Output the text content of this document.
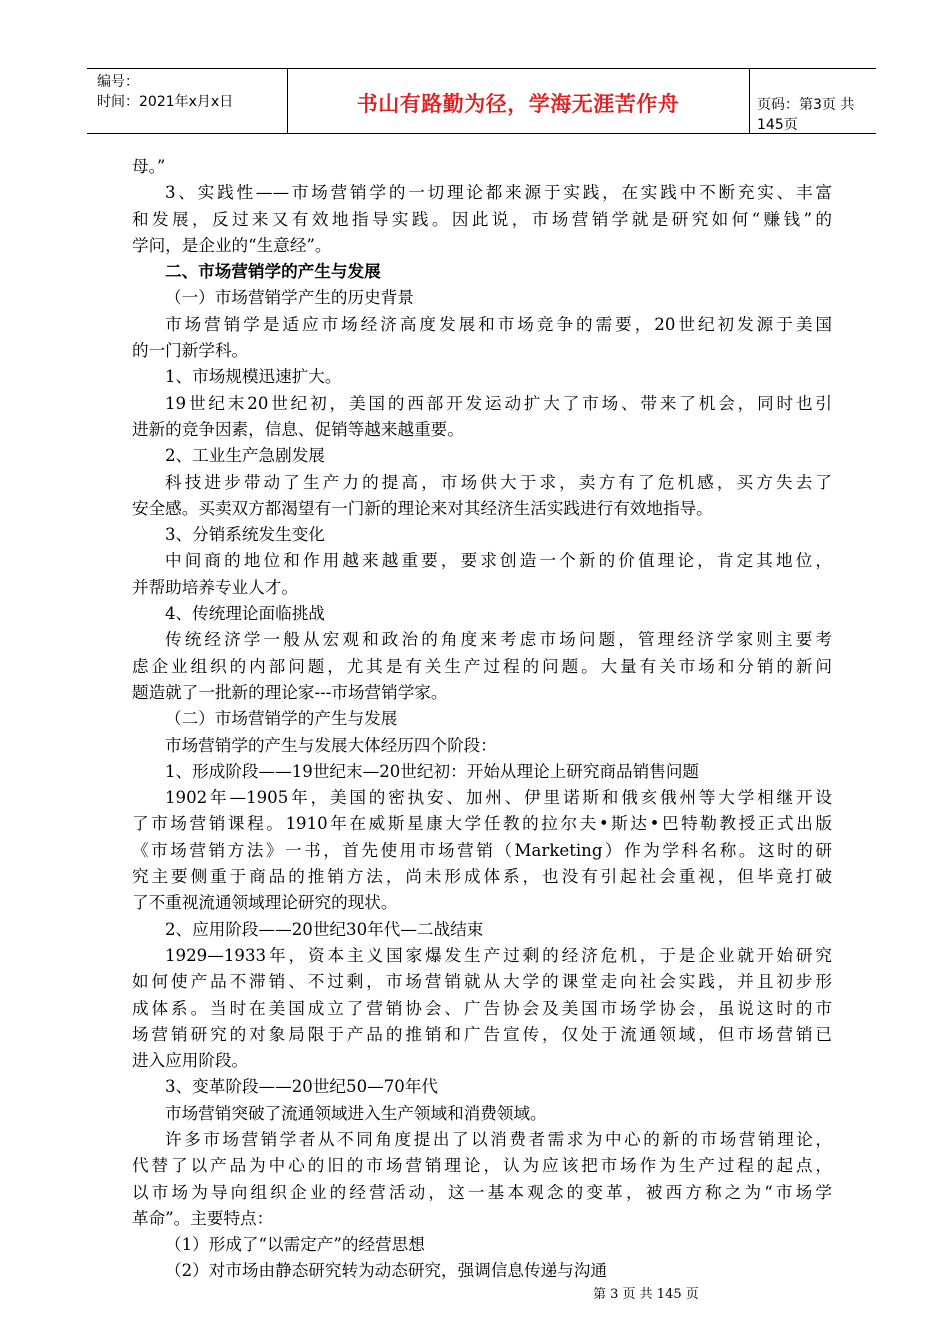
编号：
时间：2021年x月x日	书山有路勤为径，学海无涯苦作舟	页码：第3页 共145页
母。”
3、实践性——市场营销学的一切理论都来源于实践，在实践中不断充实、丰富
和发展，反过来又有效地指导实践。因此说，市场营销学就是研究如何“赚钱”的
学问，是企业的“生意经”。
二、市场营销学的产生与发展
（一）市场营销学产生的历史背景
市场营销学是适应市场经济高度发展和市场竞争的需要，20世纪初发源于美国
的一门新学科。
1、市场规模迅速扩大。
19世纪末20世纪初，美国的西部开发运动扩大了市场、带来了机会，同时也引
进新的竞争因素，信息、促销等越来越重要。
2、工业生产急剧发展
科技进步带动了生产力的提高，市场供大于求，卖方有了危机感，买方失去了
安全感。买卖双方都渴望有一门新的理论来对其经济生活实践进行有效地指导。
3、分销系统发生变化
中间商的地位和作用越来越重要，要求创造一个新的价值理论，肯定其地位，
并帮助培养专业人才。
4、传统理论面临挑战
传统经济学一般从宏观和政治的角度来考虑市场问题，管理经济学家则主要考
虑企业组织的内部问题，尤其是有关生产过程的问题。大量有关市场和分销的新问
题造就了一批新的理论家---市场营销学家。
（二）市场营销学的产生与发展
市场营销学的产生与发展大体经历四个阶段：
1、形成阶段——19世纪末—20世纪初：开始从理论上研究商品销售问题
1902年—1905年，美国的密执安、加州、伊里诺斯和俄亥俄州等大学相继开设
了市场营销课程。1910年在威斯星康大学任教的拉尔夫•斯达•巴特勒教授正式出版
《市场营销方法》一书，首先使用市场营销（Marketing）作为学科名称。这时的研
究主要侧重于商品的推销方法，尚未形成体系，也没有引起社会重视，但毕竟打破
了不重视流通领域理论研究的现状。
2、应用阶段——20世纪30年代—二战结束
1929—1933年，资本主义国家爆发生产过剩的经济危机，于是企业就开始研究
如何使产品不滞销、不过剩，市场营销就从大学的课堂走向社会实践，并且初步形
成体系。当时在美国成立了营销协会、广告协会及美国市场学协会，虽说这时的市
场营销研究的对象局限于产品的推销和广告宣传，仅处于流通领域，但市场营销已
进入应用阶段。
3、变革阶段——20世纪50—70年代
市场营销突破了流通领域进入生产领域和消费领域。
许多市场营销学者从不同角度提出了以消费者需求为中心的新的市场营销理论，
代替了以产品为中心的旧的市场营销理论，认为应该把市场作为生产过程的起点，
以市场为导向组织企业的经营活动，这一基本观念的变革，被西方称之为“市场学
革命”。主要特点：
（1）形成了“以需定产”的经营思想
（2）对市场由静态研究转为动态研究，强调信息传递与沟通
第 3 页 共 145 页
